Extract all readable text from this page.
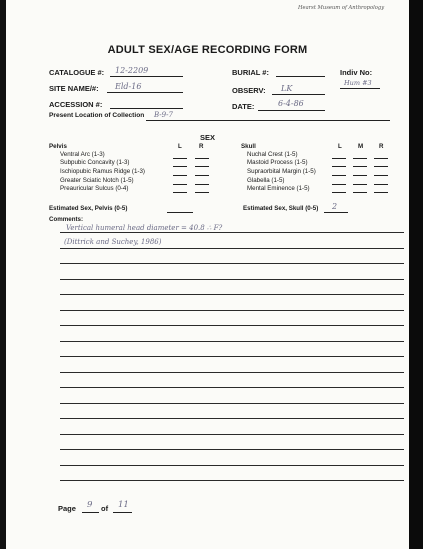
Hearst Museum of Anthropology
ADULT SEX/AGE RECORDING FORM
CATALOGUE #: 12-2209	BURIAL #:	Indiv No:
Hum #3
SITE NAME/#: Eld-16	OBSERV: LK
ACCESSION #:	DATE:	6-4-86
Present Location of Collection B-9-7
SEX
Pelvis	L	R
Ventral Arc (1-3)
Subpubic Concavity (1-3)
Ischiopubic Ramus Ridge (1-3)
Greater Sciatic Notch (1-5)
Preauricular Sulcus (0-4)
Skull	L	M	R
Nuchal Crest (1-5)
Mastoid Process (1-5)
Supraorbital Margin (1-5)
Glabella (1-5)
Mental Eminence (1-5)
Estimated Sex, Pelvis (0-5)	Estimated Sex, Skull (0-5) 2
Comments:
Vertical humeral head diameter = 40.8 ∴ F?
(Dittrick and Suchey, 1986)
Page 9 of 11
